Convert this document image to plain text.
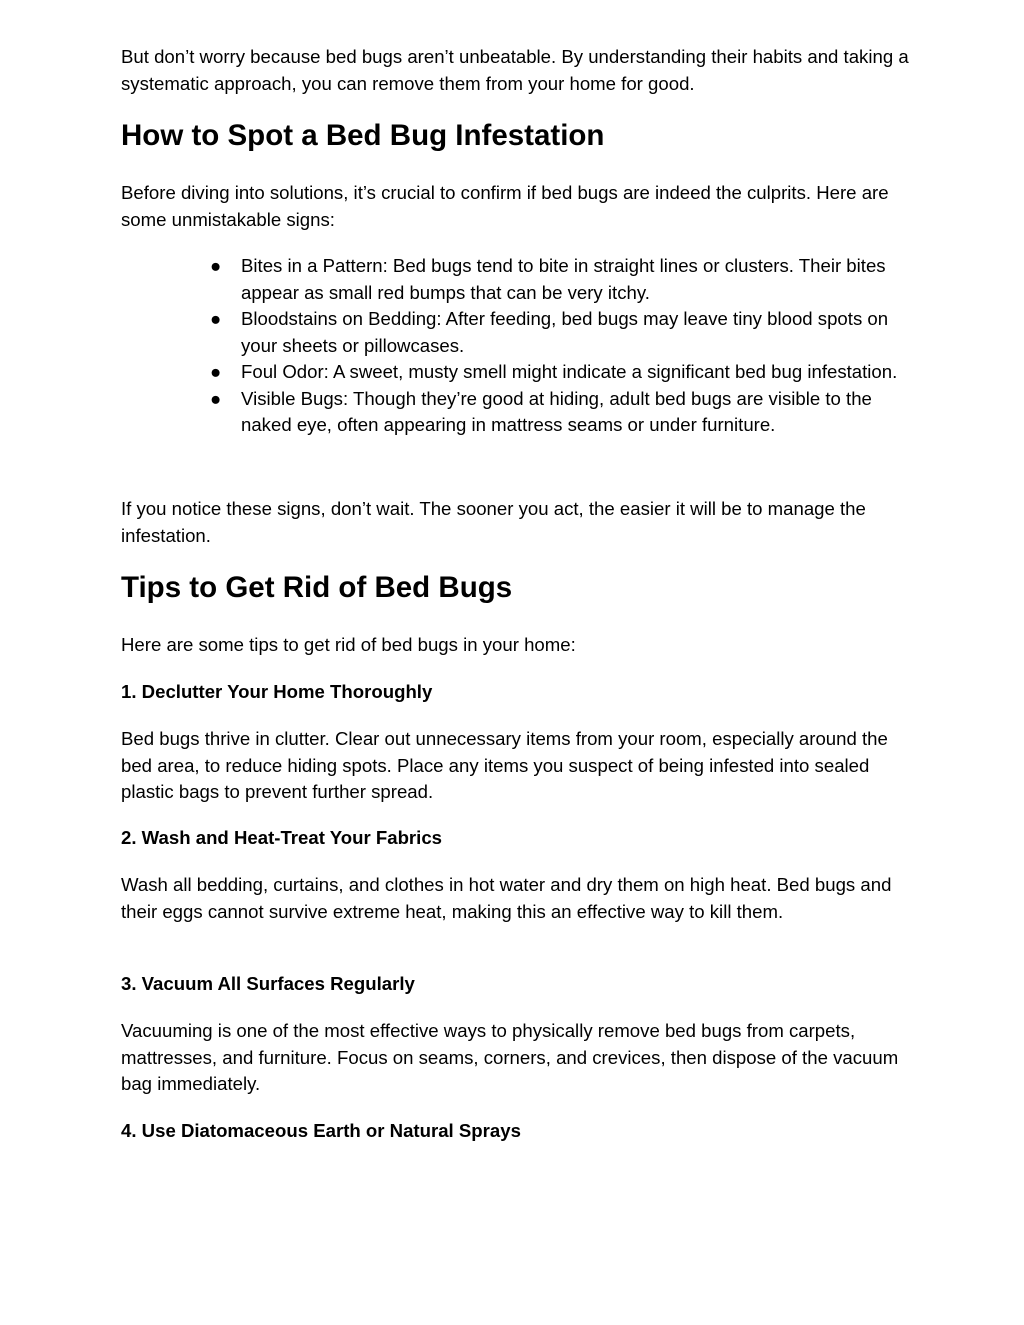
But don’t worry because bed bugs aren’t unbeatable. By understanding their habits and taking a systematic approach, you can remove them from your home for good.

How to Spot a Bed Bug Infestation

Before diving into solutions, it’s crucial to confirm if bed bugs are indeed the culprits. Here are some unmistakable signs:

● Bites in a Pattern: Bed bugs tend to bite in straight lines or clusters. Their bites appear as small red bumps that can be very itchy.
● Bloodstains on Bedding: After feeding, bed bugs may leave tiny blood spots on your sheets or pillowcases.
● Foul Odor: A sweet, musty smell might indicate a significant bed bug infestation.
● Visible Bugs: Though they’re good at hiding, adult bed bugs are visible to the naked eye, often appearing in mattress seams or under furniture.

If you notice these signs, don’t wait. The sooner you act, the easier it will be to manage the infestation.

Tips to Get Rid of Bed Bugs

Here are some tips to get rid of bed bugs in your home:

1. Declutter Your Home Thoroughly

Bed bugs thrive in clutter. Clear out unnecessary items from your room, especially around the bed area, to reduce hiding spots. Place any items you suspect of being infested into sealed plastic bags to prevent further spread.

2. Wash and Heat-Treat Your Fabrics

Wash all bedding, curtains, and clothes in hot water and dry them on high heat. Bed bugs and their eggs cannot survive extreme heat, making this an effective way to kill them.

3. Vacuum All Surfaces Regularly

Vacuuming is one of the most effective ways to physically remove bed bugs from carpets, mattresses, and furniture. Focus on seams, corners, and crevices, then dispose of the vacuum bag immediately.

4. Use Diatomaceous Earth or Natural Sprays
